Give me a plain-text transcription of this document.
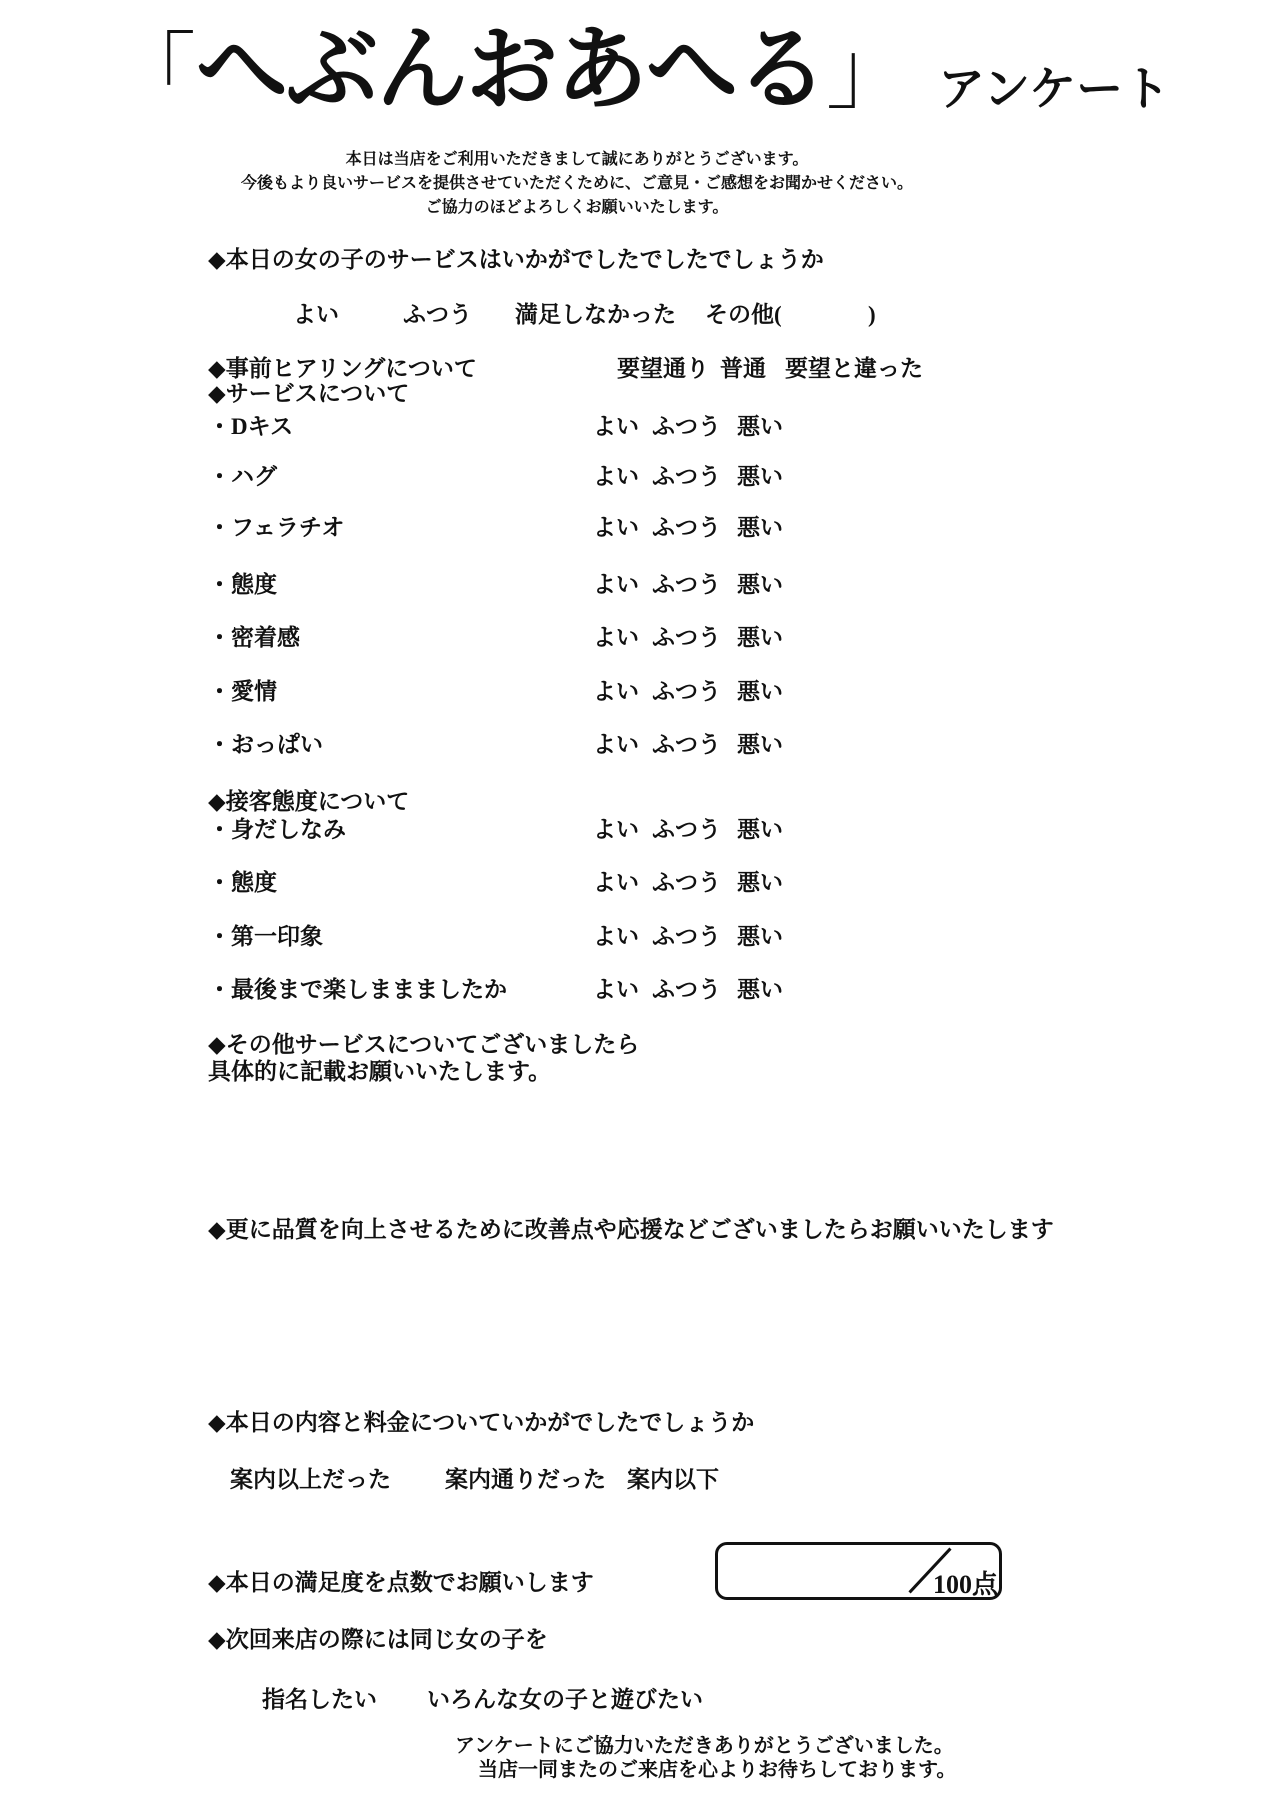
「へぶんおあへる」 アンケート
本日は当店をご利用いただきまして誠にありがとうございます。
今後もより良いサービスを提供させていただくために、ご意見・ご感想をお聞かせください。
ご協力のほどよろしくお願いいたします。
◆本日の女の子のサービスはいかがでしたでしたでしょうか
よい	ふつう 満足しなかった その他(	)
◆事前ヒアリングについて	要望通り 普通 要望と違った
◆サービスについて
・Dキス	よい ふつう 悪い
・ハグ	よい ふつう 悪い
・フェラチオ	よい ふつう 悪い
・態度	よい ふつう 悪い
・密着感	よい ふつう 悪い
・愛情	よい ふつう 悪い
・おっぱい	よい ふつう 悪い
◆接客態度について
・身だしなみ	よい ふつう 悪い
・態度	よい ふつう 悪い
・第一印象	よい ふつう 悪い
・最後まで楽しままましたか	よい ふつう 悪い
◆その他サービスについてございましたら
具体的に記載お願いいたします。
◆更に品質を向上させるために改善点や応援などございましたらお願いいたします
◆本日の内容と料金についていかがでしたでしょうか
案内以上だった 案内通りだった 案内以下
◆本日の満足度を点数でお願いします	100点
◆次回来店の際には同じ女の子を
指名したい いろんな女の子と遊びたい
アンケートにご協力いただきありがとうございました。
当店一同またのご来店を心よりお待ちしております。
